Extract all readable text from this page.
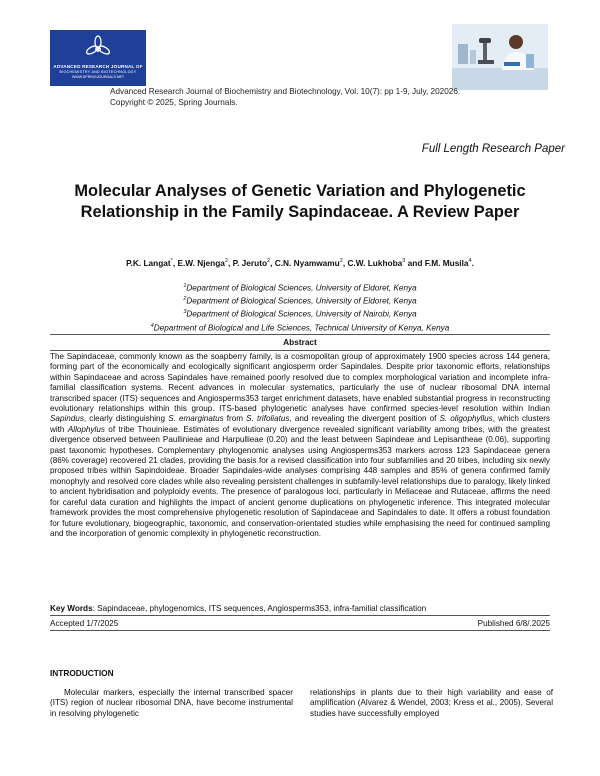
ADVANCED RESEARCH JOURNAL OF
BIOCHEMISTRY AND BIOTECHNOLOGY
WWW.SPRINGJOURNALS.NET
Advanced Research Journal of Biochemistry and Biotechnology, Vol. 10(7): pp 1-9, July, 202026.
Copyright © 2025, Spring Journals.
Full Length Research Paper
Molecular Analyses of Genetic Variation and Phylogenetic Relationship in the Family Sapindaceae. A Review Paper
P.K. Langat*, E.W. Njenga$^2$, P. Jeruto$^2$, C.N. Nyamwamu$^2$, C.W. Lukhoba$^3$ and F.M. Musila$^4$.
$^1$Department of Biological Sciences, University of Eldoret, Kenya
$^2$Department of Biological Sciences, University of Eldoret, Kenya
$^3$Department of Biological Sciences, University of Nairobi, Kenya
$^4$Department of Biological and Life Sciences, Technical University of Kenya, Kenya
Abstract

The Sapindaceae, commonly known as the soapberry family, is a cosmopolitan group of approximately 1900 species across 144 genera, forming part of the economically and ecologically significant angiosperm order Sapindales. Despite prior taxonomic efforts, relationships within Sapindaceae and across Sapindales have remained poorly resolved due to complex morphological variation and incomplete infra-familial classification systems. Recent advances in molecular systematics, particularly the use of nuclear ribosomal DNA internal transcribed spacer (ITS) sequences and Angiosperms353 target enrichment datasets, have enabled substantial progress in reconstructing evolutionary relationships within this group. ITS-based phylogenetic analyses have confirmed species-level resolution within Indian Sapindus, clearly distinguishing S. emarginatus from S. trifoliatus, and revealing the divergent position of S. oligophyllus, which clusters with Allophylus of tribe Thouinieae. Estimates of evolutionary divergence revealed significant variability among tribes, with the greatest divergence observed between Paullinieae and Harpullieae (0.20) and the least between Sapindeae and Lepisantheae (0.06), supporting past taxonomic hypotheses. Complementary phylogenomic analyses using Angiosperms353 markers across 123 Sapindaceae genera (86% coverage) recovered 21 clades, providing the basis for a revised classification into four subfamilies and 20 tribes, including six newly proposed tribes within Sapindoideae. Broader Sapindales-wide analyses comprising 448 samples and 85% of genera confirmed family monophyly and resolved core clades while also revealing persistent challenges in subfamily-level relationships due to paralogy, likely linked to ancient hybridisation and polyploidy events. The presence of paralogous loci, particularly in Meliaceae and Rutaceae, affirms the need for careful data curation and highlights the impact of ancient genome duplications on phylogenetic inference. This integrated molecular framework provides the most comprehensive phylogenetic resolution of Sapindaceae and Sapindales to date. It offers a robust foundation for future evolutionary, biogeographic, taxonomic, and conservation-orientated studies while emphasising the need for continued sampling and the incorporation of genomic complexity in phylogenetic reconstruction.

Key Words: Sapindaceae, phylogenomics, ITS sequences, Angiosperms353, infra-familial classification
Accepted 1/7/2025	Published 6/8/.2025
INTRODUCTION

Molecular markers, especially the internal transcribed spacer (ITS) region of nuclear ribosomal DNA, have become instrumental in resolving phylogenetic

relationships in plants due to their high variability and ease of amplification (Alvarez & Wendel, 2003; Kress et al., 2005). Several studies have successfully employed
